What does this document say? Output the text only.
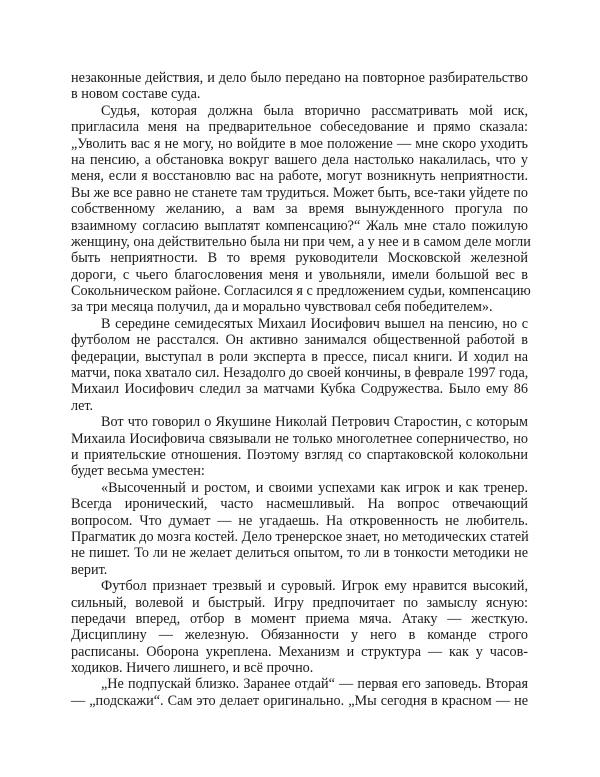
незаконные действия, и дело было передано на повторное разбирательство
в новом составе суда.
Судья, которая должна была вторично рассматривать мой иск,
пригласила меня на предварительное собеседование и прямо сказала:
„Уволить вас я не могу, но войдите в мое положение — мне скоро уходить
на пенсию, а обстановка вокруг вашего дела настолько накалилась, что у
меня, если я восстановлю вас на работе, могут возникнуть неприятности.
Вы же все равно не станете там трудиться. Может быть, все-таки уйдете по
собственному желанию, а вам за время вынужденного прогула по
взаимному согласию выплатят компенсацию?“ Жаль мне стало пожилую
женщину, она действительно была ни при чем, а у нее и в самом деле могли
быть неприятности. В то время руководители Московской железной
дороги, с чьего благословения меня и увольняли, имели большой вес в
Сокольническом районе. Согласился я с предложением судьи, компенсацию
за три месяца получил, да и морально чувствовал себя победителем».
В середине семидесятых Михаил Иосифович вышел на пенсию, но с
футболом не расстался. Он активно занимался общественной работой в
федерации, выступал в роли эксперта в прессе, писал книги. И ходил на
матчи, пока хватало сил. Незадолго до своей кончины, в феврале 1997 года,
Михаил Иосифович следил за матчами Кубка Содружества. Было ему 86
лет.
Вот что говорил о Якушине Николай Петрович Старостин, с которым
Михаила Иосифовича связывали не только многолетнее соперничество, но
и приятельские отношения. Поэтому взгляд со спартаковской колокольни
будет весьма уместен:
«Высоченный и ростом, и своими успехами как игрок и как тренер.
Всегда иронический, часто насмешливый. На вопрос отвечающий
вопросом. Что думает — не угадаешь. На откровенность не любитель.
Прагматик до мозга костей. Дело тренерское знает, но методических статей
не пишет. То ли не желает делиться опытом, то ли в тонкости методики не
верит.
Футбол признает трезвый и суровый. Игрок ему нравится высокий,
сильный, волевой и быстрый. Игру предпочитает по замыслу ясную:
передачи вперед, отбор в момент приема мяча. Атаку — жесткую.
Дисциплину — железную. Обязанности у него в команде строго
расписаны. Оборона укреплена. Механизм и структура — как у часов-
ходиков. Ничего лишнего, и всё прочно.
„Не подпускай близко. Заранее отдай“ — первая его заповедь. Вторая
— „подскажи“. Сам это делает оригинально. „Мы сегодня в красном — не
